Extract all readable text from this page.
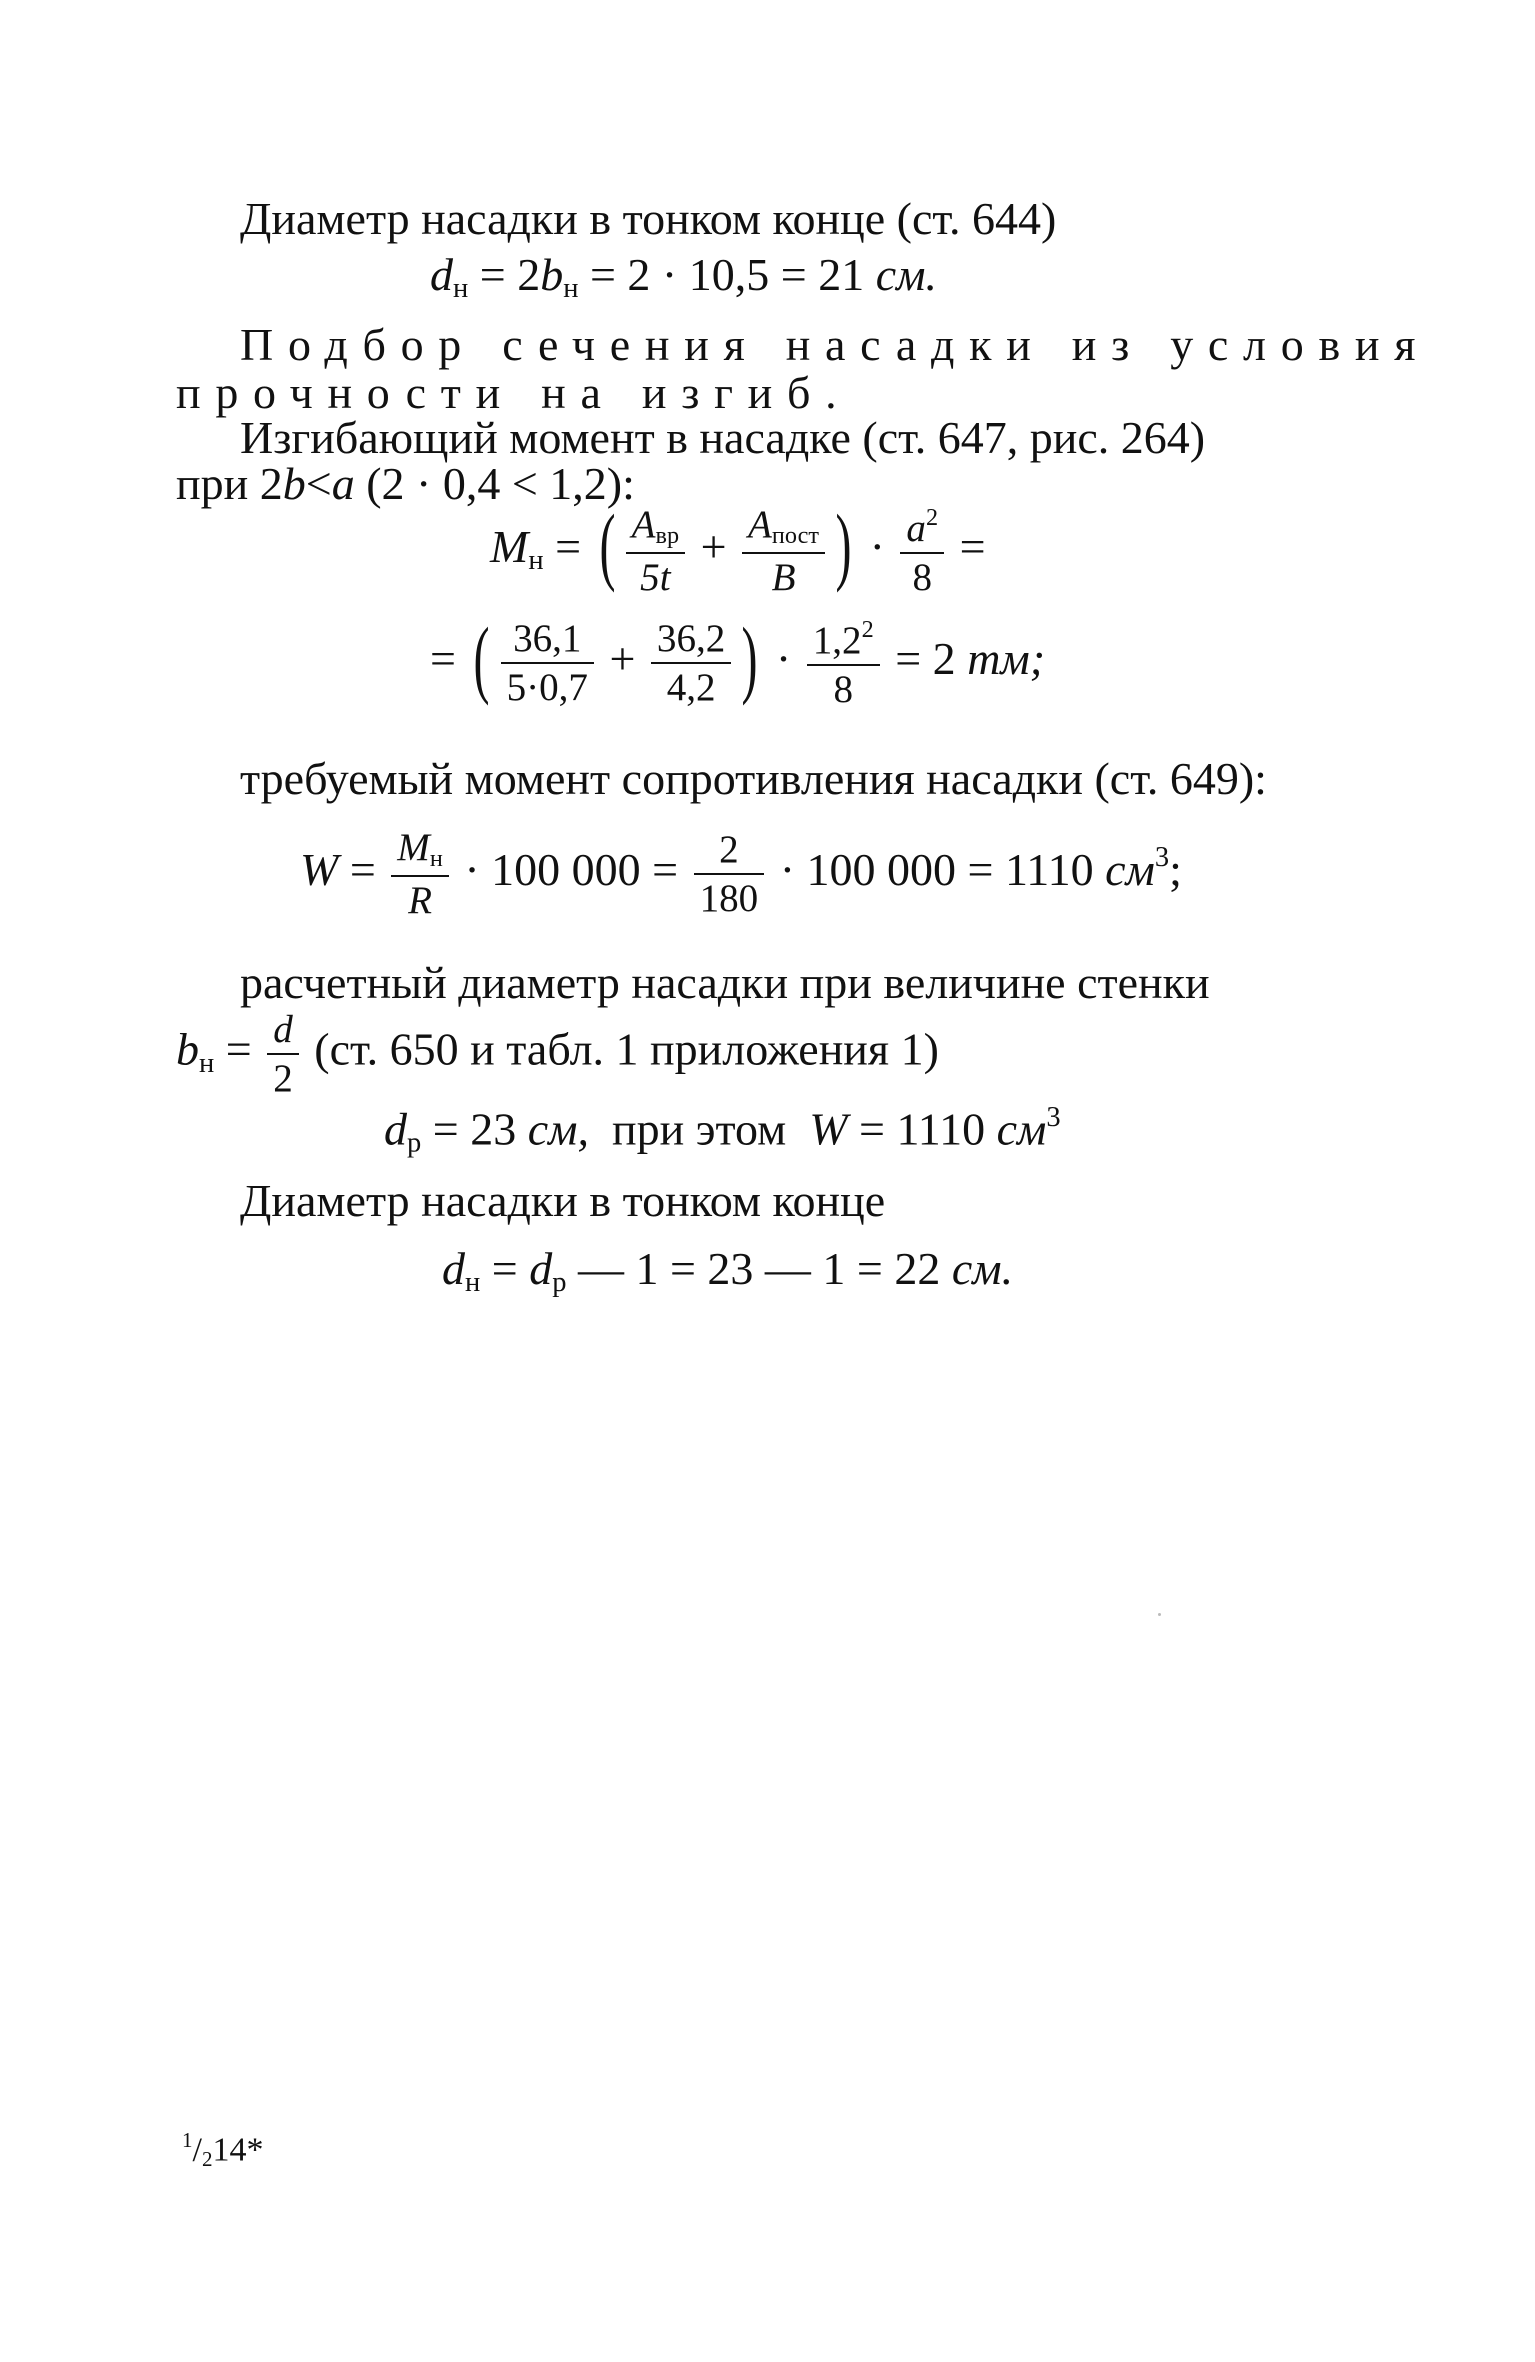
Диаметр насадки в тонком конце (ст. 644)
$d_н = 2b_н = 2 \cdot 10,5 = 21$ см.
Подбор сечения насадки из условия
прочности на изгиб.
Изгибающий момент в насадке (ст. 647, рис. 264)
при 2b<a (2 · 0,4 < 1,2):
$M_н$ = ( $\frac{A_{вр}}{5t} + \frac{A_{пост}}{B}$ ) · $\frac{a^2}{8}$ =
= ( $\frac{36,1}{5\cdot 0,7} + \frac{36,2}{4,2}$ ) · $\frac{1,2^2}{8} = 2$ тм;
требуемый момент сопротивления насадки (ст. 649):
$W = \frac{M_н}{R} \cdot 100$ $000 = \frac{2}{180} \cdot 100$ 000 = 1110 $см^3$;
расчетный диаметр насадки при величине стенки
$b_н = \frac{d}{2} (ст$. 650 и табл. 1 приложения 1)
$d_р = 23$ см,  при этом  W = 1110 $см^3$
Диаметр насадки в тонком конце
$d_н = d_р$ — 1 = 23 — 1 = 22 см.
$^1/_214*$
